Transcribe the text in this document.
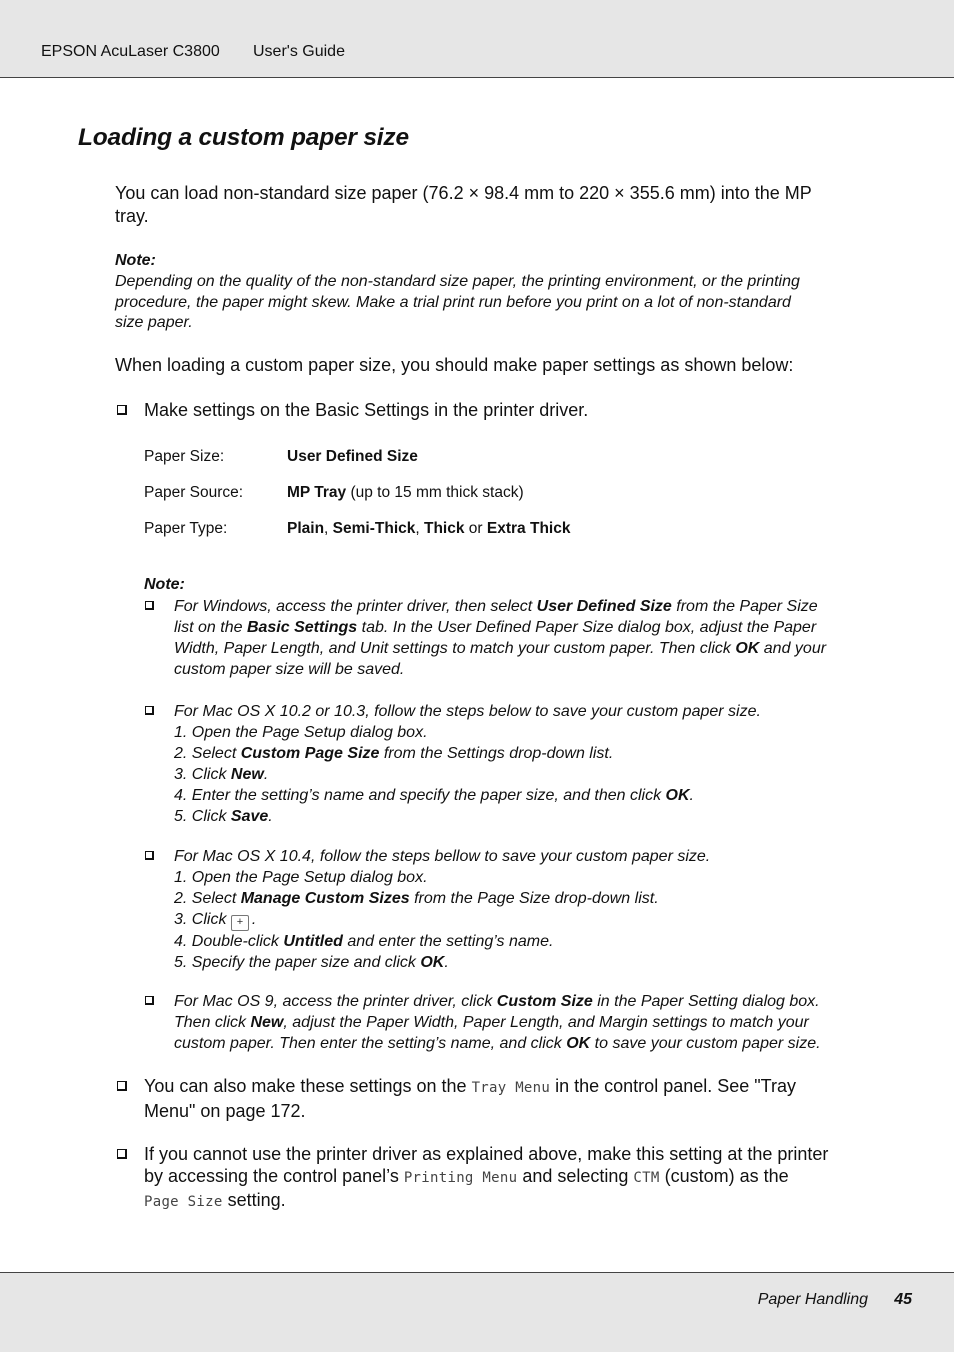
EPSON AcuLaser C3800 User's Guide
Loading a custom paper size
You can load non-standard size paper (76.2 × 98.4 mm to 220 × 355.6 mm) into the MP
tray.
Note:
Depending on the quality of the non-standard size paper, the printing environment, or the printing
procedure, the paper might skew. Make a trial print run before you print on a lot of non-standard
size paper.
When loading a custom paper size, you should make paper settings as shown below:
Make settings on the Basic Settings in the printer driver.
Paper Size:	User Defined Size
Paper Source:	MP Tray (up to 15 mm thick stack)
Paper Type:	Plain, Semi-Thick, Thick or Extra Thick
Note:
For Windows, access the printer driver, then select User Defined Size from the Paper Size
list on the Basic Settings tab. In the User Defined Paper Size dialog box, adjust the Paper
Width, Paper Length, and Unit settings to match your custom paper. Then click OK and your
custom paper size will be saved.
For Mac OS X 10.2 or 10.3, follow the steps below to save your custom paper size.
1. Open the Page Setup dialog box.
2. Select Custom Page Size from the Settings drop-down list.
3. Click New.
4. Enter the setting’s name and specify the paper size, and then click OK.
5. Click Save.
For Mac OS X 10.4, follow the steps bellow to save your custom paper size.
1. Open the Page Setup dialog box.
2. Select Manage Custom Sizes from the Page Size drop-down list.
3. Click + .
4. Double-click Untitled and enter the setting’s name.
5. Specify the paper size and click OK.
For Mac OS 9, access the printer driver, click Custom Size in the Paper Setting dialog box.
Then click New, adjust the Paper Width, Paper Length, and Margin settings to match your
custom paper. Then enter the setting’s name, and click OK to save your custom paper size.
You can also make these settings on the Tray Menu in the control panel. See "Tray
Menu" on page 172.
If you cannot use the printer driver as explained above, make this setting at the printer
by accessing the control panel’s Printing Menu and selecting CTM (custom) as the
Page Size setting.
Paper Handling 45
